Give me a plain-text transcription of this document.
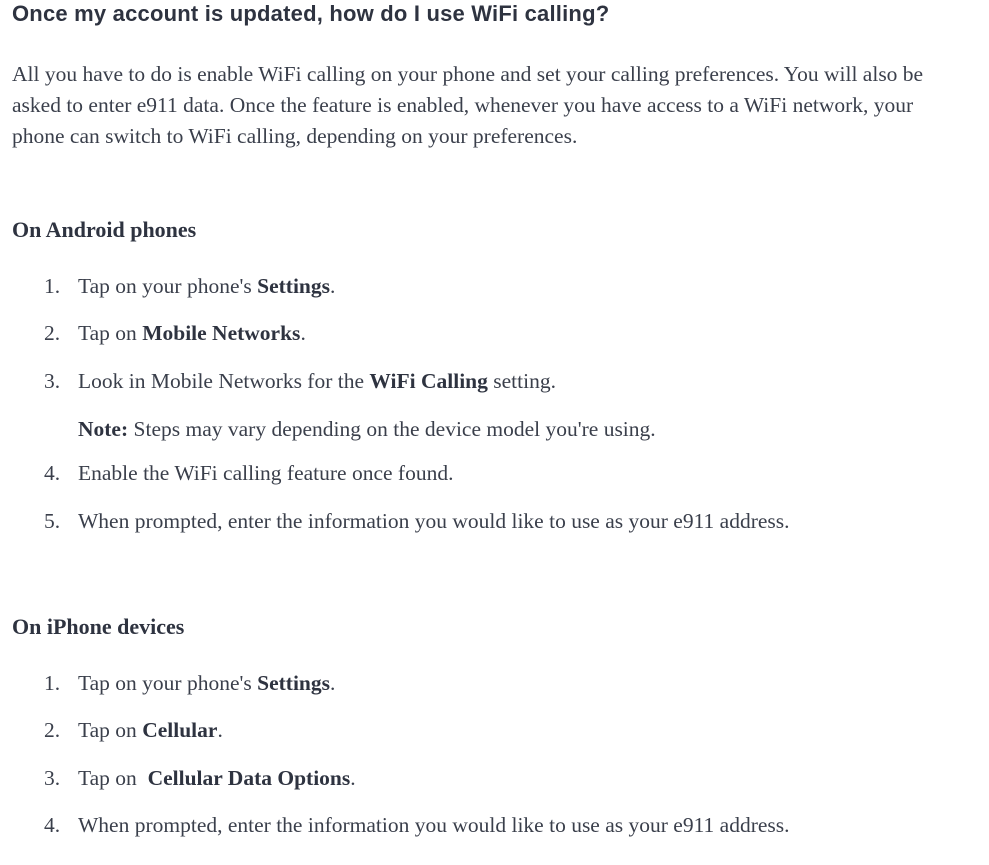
Once my account is updated, how do I use WiFi calling?

All you have to do is enable WiFi calling on your phone and set your calling preferences. You will also be asked to enter e911 data. Once the feature is enabled, whenever you have access to a WiFi network, your phone can switch to WiFi calling, depending on your preferences.

On Android phones
1. Tap on your phone's Settings.
2. Tap on Mobile Networks.
3. Look in Mobile Networks for the WiFi Calling setting.
Note: Steps may vary depending on the device model you're using.
4. Enable the WiFi calling feature once found.
5. When prompted, enter the information you would like to use as your e911 address.
On iPhone devices
1. Tap on your phone's Settings.
2. Tap on Cellular.
3. Tap on  Cellular Data Options.
4. When prompted, enter the information you would like to use as your e911 address.
